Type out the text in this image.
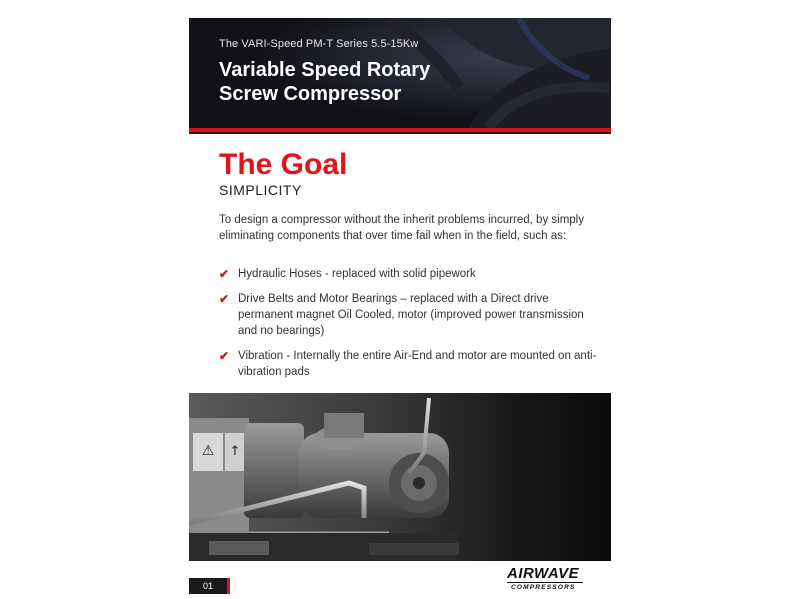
The VARI-Speed PM-T Series 5.5-15Kw
Variable Speed Rotary
Screw Compressor
The Goal
SIMPLICITY
To design a compressor without the inherit problems incurred, by simply eliminating components that over time fail when in the field, such as:
✔ Hydraulic Hoses - replaced with solid pipework
✔ Drive Belts and Motor Bearings – replaced with a Direct drive permanent magnet Oil Cooled, motor (improved power transmission and no bearings)
✔ Vibration - Internally the entire Air-End and motor are mounted on anti-vibration pads
⚠ ↑
01
AIRWAVE
COMPRESSORS
